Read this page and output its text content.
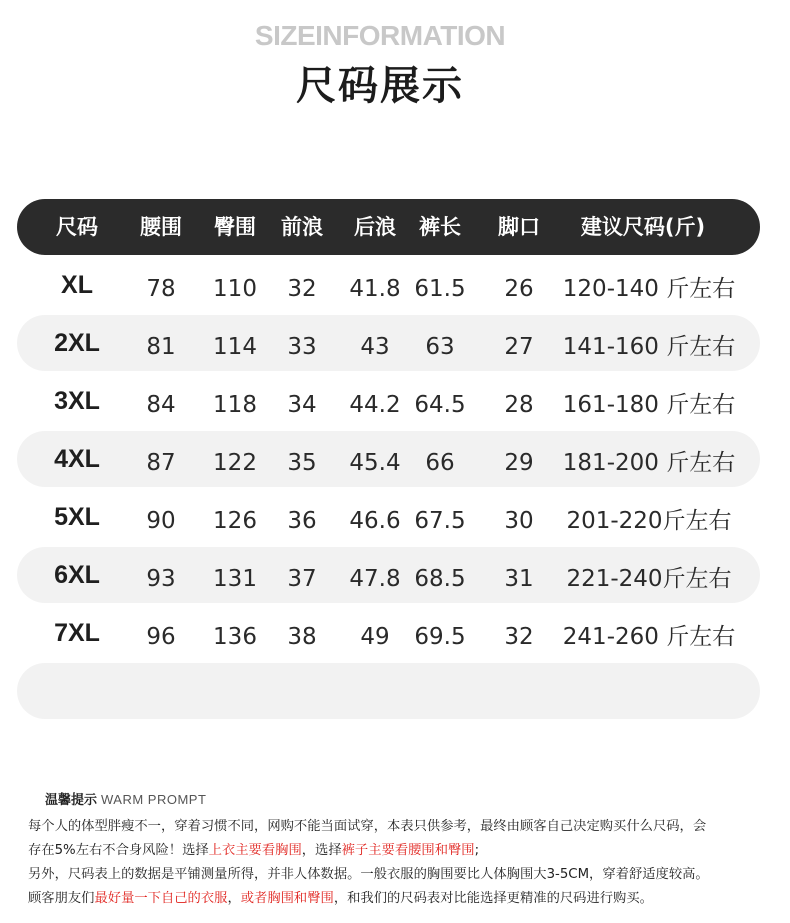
SIZEINFORMATION
尺码展示
尺码 腰围 臀围 前浪 后浪 裤长 脚口 建议尺码(斤)
XL 78 110 32 41.8 61.5 26 120-140 斤左右
2XL 81 114 33 43 63 27 141-160 斤左右
3XL 84 118 34 44.2 64.5 28 161-180 斤左右
4XL 87 122 35 45.4 66 29 181-200 斤左右
5XL 90 126 36 46.6 67.5 30 201-220斤左右
6XL 93 131 37 47.8 68.5 31 221-240斤左右
7XL 96 136 38 49 69.5 32 241-260 斤左右
温馨提示 WARM PROMPT

每个人的体型胖瘦不一，穿着习惯不同，网购不能当面试穿，本表只供参考，最终由顾客自己决定购买什么尺码，会

存在5%左右不合身风险！选择上衣主要看胸围，选择裤子主要看腰围和臀围;

另外，尺码表上的数据是平铺测量所得，并非人体数据。一般衣服的胸围要比人体胸围大3-5CM，穿着舒适度较高。

顾客朋友们最好量一下自己的衣服，或者胸围和臀围，和我们的尺码表对比能选择更精准的尺码进行购买。
